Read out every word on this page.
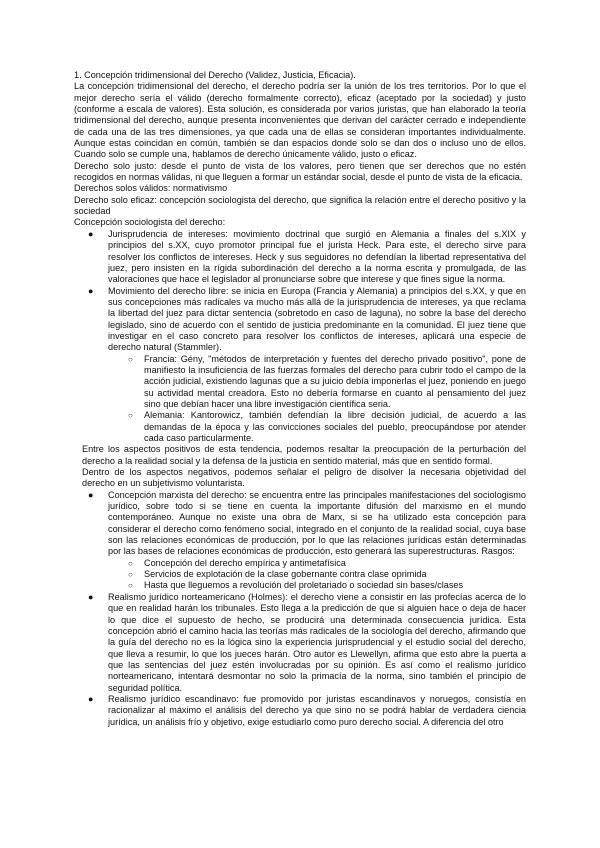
1. Concepción tridimensional del Derecho (Validez, Justicia, Eficacia).

La concepción tridimensional del derecho, el derecho podría ser la unión de los tres territorios. Por lo que el mejor derecho sería el válido (derecho formalmente correcto), eficaz (aceptado por la sociedad) y justo (conforme a escala de valores). Esta solución, es considerada por varios juristas, que han elaborado la teoría tridimensional del derecho, aunque presenta inconvenientes que derivan del carácter cerrado e independiente de cada una de las tres dimensiones, ya que cada una de ellas se consideran importantes individualmente. Aunque estas coincidan en común, también se dan espacios donde solo se dan dos o incluso uno de ellos. Cuando solo se cumple una, hablamos de derecho únicamente válido, justo o eficaz.

Derecho solo justo: desde el punto de vista de los valores, pero tienen que ser derechos que no estén recogidos en normas válidas, ni que lleguen a formar un estándar social, desde el punto de vista de la eficacia.

Derechos solos válidos: normativismo

Derecho solo eficaz: concepción sociologista del derecho, que significa la relación entre el derecho positivo y la sociedad

Concepción sociologista del derecho:

● Jurisprudencia de intereses: movimiento doctrinal que surgió en Alemania a finales del s.XIX y principios del s.XX, cuyo promotor principal fue el jurista Heck. Para este, el derecho sirve para resolver los conflictos de intereses. Heck y sus seguidores no defendían la libertad representativa del juez, pero insisten en la rígida subordinación del derecho a la norma escrita y promulgada, de las valoraciones que hace el legislador al pronunciarse sobre que interese y que fines sigue la norma.
● Movimiento del derecho libre: se inicia en Europa (Francia y Alemania) a principios del s.XX, y que en sus concepciones más radicales va mucho más allá de la jurisprudencia de intereses, ya que reclama la libertad del juez para dictar sentencia (sobretodo en caso de laguna), no sobre la base del derecho legislado, sino de acuerdo con el sentido de justicia predominante en la comunidad. El juez tiene que investigar en el caso concreto para resolver los conflictos de intereses, aplicará una especie de derecho natural (Stammler).
○ Francia: Gény, "métodos de interpretación y fuentes del derecho privado positivo", pone de manifiesto la insuficiencia de las fuerzas formales del derecho para cubrir todo el campo de la acción judicial, existiendo lagunas que a su juicio debía imponerlas el juez, poniendo en juego su actividad mental creadora. Esto no debería formarse en cuanto al pensamiento del juez sino que debían hacer una libre investigación científica seria.
○ Alemania: Kantorowicz, también defendían la libre decisión judicial, de acuerdo a las demandas de la época y las convicciones sociales del pueblo, preocupándose por atender cada caso particularmente.

Entre los aspectos positivos de esta tendencia, podemos resaltar la preocupación de la perturbación del derecho a la realidad social y la defensa de la justicia en sentido material, más que en sentido formal.

Dentro de los aspectos negativos, podemos señalar el peligro de disolver la necesaria objetividad del derecho en un subjetivismo voluntarista.

● Concepción marxista del derecho: se encuentra entre las principales manifestaciones del sociologismo jurídico, sobre todo si se tiene en cuenta la importante difusión del marxismo en el mundo contemporáneo. Aunque no existe una obra de Marx, si se ha utilizado esta concepción para considerar el derecho como fenómeno social, integrado en el conjunto de la realidad social, cuya base son las relaciones económicas de producción, por lo que las relaciones jurídicas están determinadas por las bases de relaciones económicas de producción, esto generará las superestructuras. Rasgos:
○ Concepción del derecho empírica y antimetafísica
○ Servicios de explotación de la clase gobernante contra clase oprimida
○ Hasta que lleguemos a revolución del proletariado o sociedad sin bases/clases
● Realismo jurídico norteamericano (Holmes): el derecho viene a consistir en las profecías acerca de lo que en realidad harán los tribunales. Esto llega a la predicción de que si alguien hace o deja de hacer lo que dice el supuesto de hecho, se producirá una determinada consecuencia jurídica. Esta concepción abrió el camino hacia las teorías más radicales de la sociología del derecho, afirmando que la guía del derecho no es la lógica sino la experiencia jurisprudencial y el estudio social del derecho, que lleva a resumir, lo que los jueces harán. Otro autor es Llewellyn, afirma que esto abre la puerta a que las sentencias del juez estén involucradas por su opinión. Es así como el realismo jurídico norteamericano, intentará desmontar no solo la primacía de la norma, sino también el principio de seguridad política.
● Realismo jurídico escandinavo: fue promovido por juristas escandinavos y noruegos, consistía en racionalizar al máximo el análisis del derecho ya que sino no se podrá hablar de verdadera ciencia jurídica, un análisis frío y objetivo, exige estudiarlo como puro derecho social. A diferencia del otro
